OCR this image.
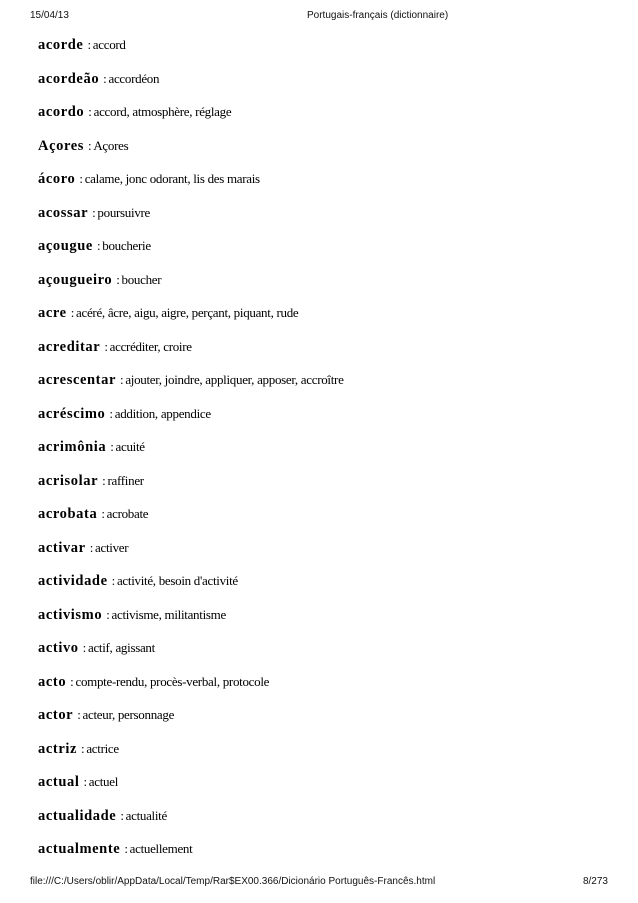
15/04/13	Portugais-français (dictionnaire)
acorde : accord
acordeão : accordéon
acordo : accord, atmosphère, réglage
Açores : Açores
ácoro : calame, jonc odorant, lis des marais
acossar : poursuivre
açougue : boucherie
açougueiro : boucher
acre : acéré, âcre, aigu, aigre, perçant, piquant, rude
acreditar : accréditer, croire
acrescentar : ajouter, joindre, appliquer, apposer, accroître
acréscimo : addition, appendice
acrimônia : acuité
acrisolar : raffiner
acrobata : acrobate
activar : activer
actividade : activité, besoin d'activité
activismo : activisme, militantisme
activo : actif, agissant
acto : compte-rendu, procès-verbal, protocole
actor : acteur, personnage
actriz : actrice
actual : actuel
actualidade : actualité
actualmente : actuellement
file:///C:/Users/oblir/AppData/Local/Temp/Rar$EX00.366/Dicionário Português-Francês.html	8/273
